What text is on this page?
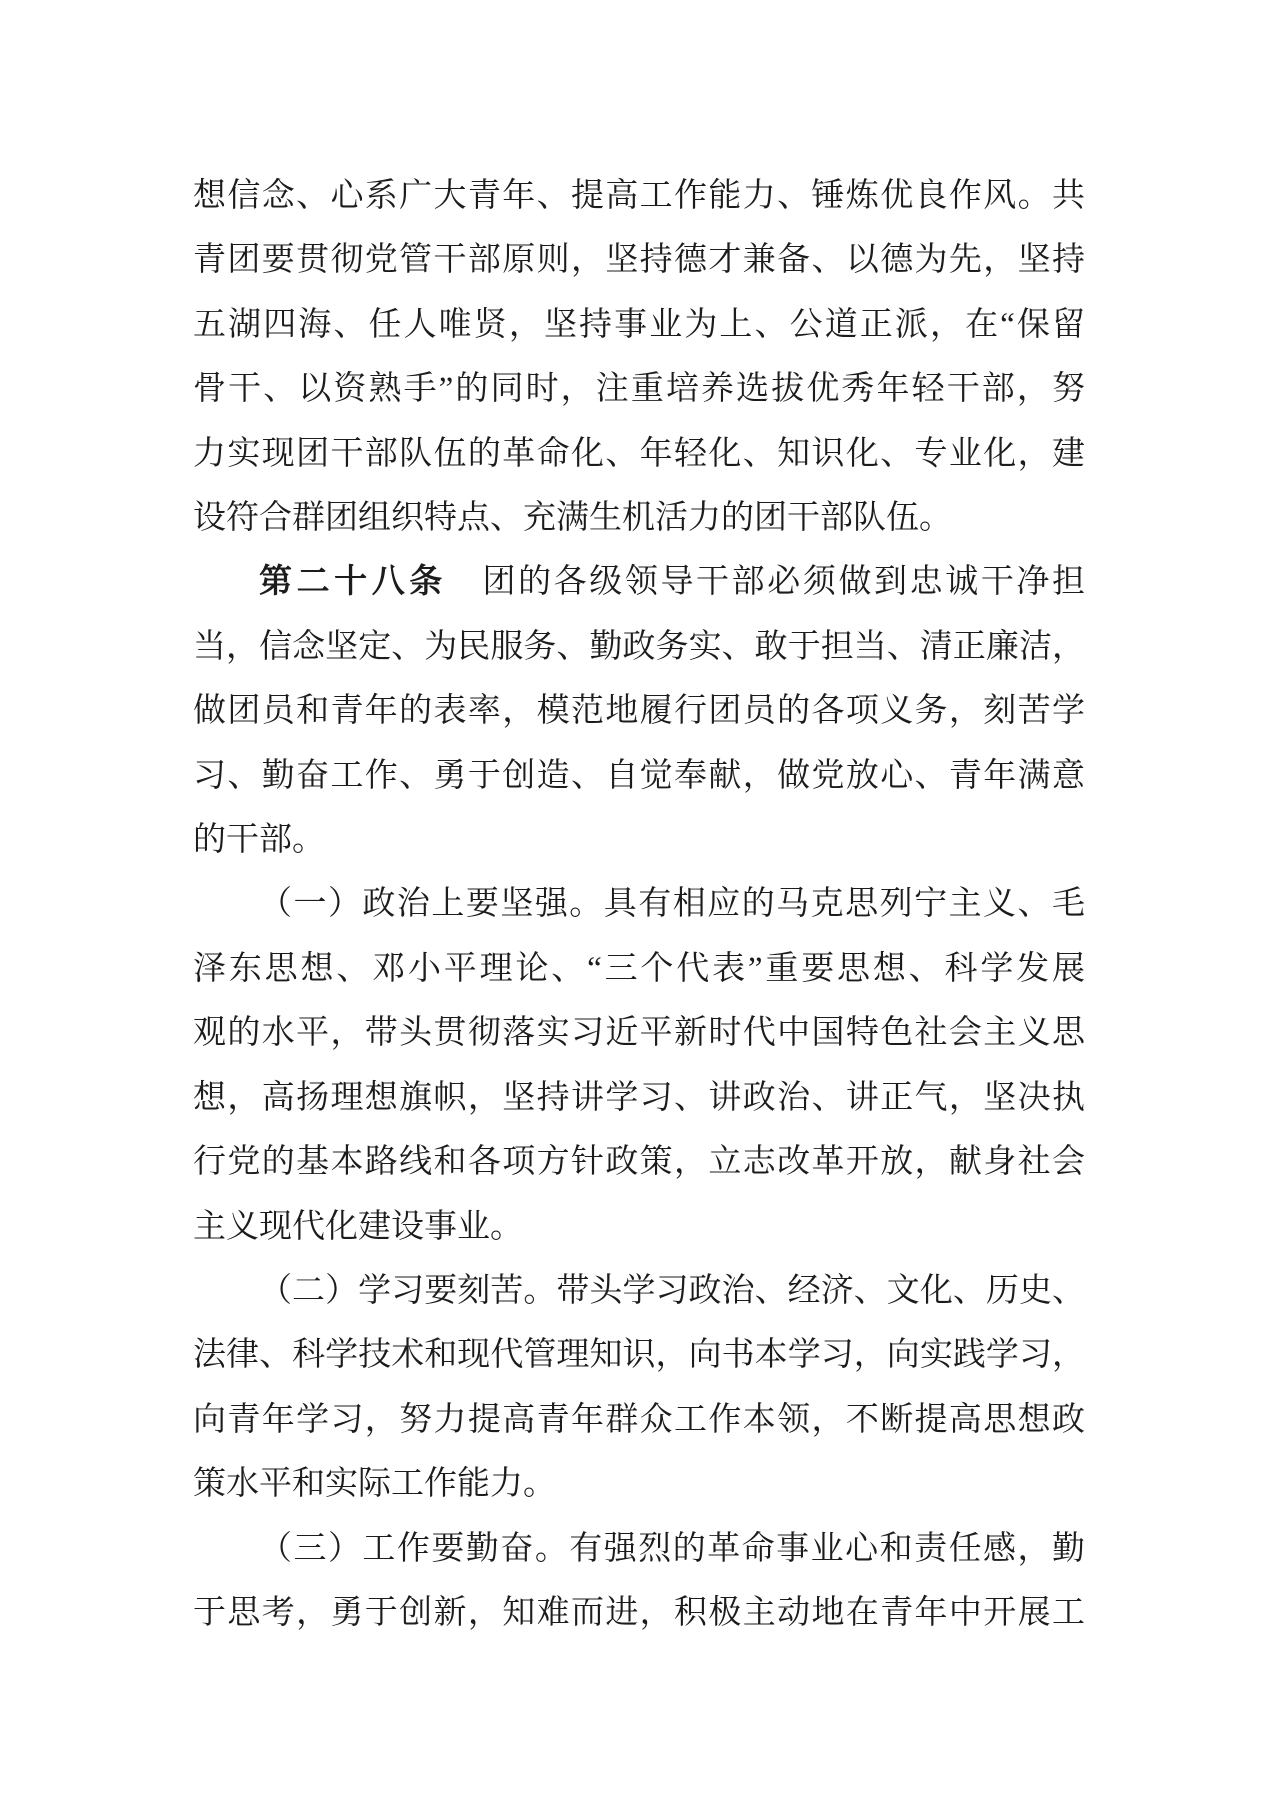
想信念、心系广大青年、提高工作能力、锤炼优良作风。共
青团要贯彻党管干部原则，坚持德才兼备、以德为先，坚持
五湖四海、任人唯贤，坚持事业为上、公道正派，在“保留
骨干、以资熟手”的同时，注重培养选拔优秀年轻干部，努
力实现团干部队伍的革命化、年轻化、知识化、专业化，建
设符合群团组织特点、充满生机活力的团干部队伍。
第二十八条　团的各级领导干部必须做到忠诚干净担
当，信念坚定、为民服务、勤政务实、敢于担当、清正廉洁，
做团员和青年的表率，模范地履行团员的各项义务，刻苦学
习、勤奋工作、勇于创造、自觉奉献，做党放心、青年满意
的干部。
（一）政治上要坚强。具有相应的马克思列宁主义、毛
泽东思想、邓小平理论、“三个代表”重要思想、科学发展
观的水平，带头贯彻落实习近平新时代中国特色社会主义思
想，高扬理想旗帜，坚持讲学习、讲政治、讲正气，坚决执
行党的基本路线和各项方针政策，立志改革开放，献身社会
主义现代化建设事业。
（二）学习要刻苦。带头学习政治、经济、文化、历史、
法律、科学技术和现代管理知识，向书本学习，向实践学习，
向青年学习，努力提高青年群众工作本领，不断提高思想政
策水平和实际工作能力。
（三）工作要勤奋。有强烈的革命事业心和责任感，勤
于思考，勇于创新，知难而进，积极主动地在青年中开展工
